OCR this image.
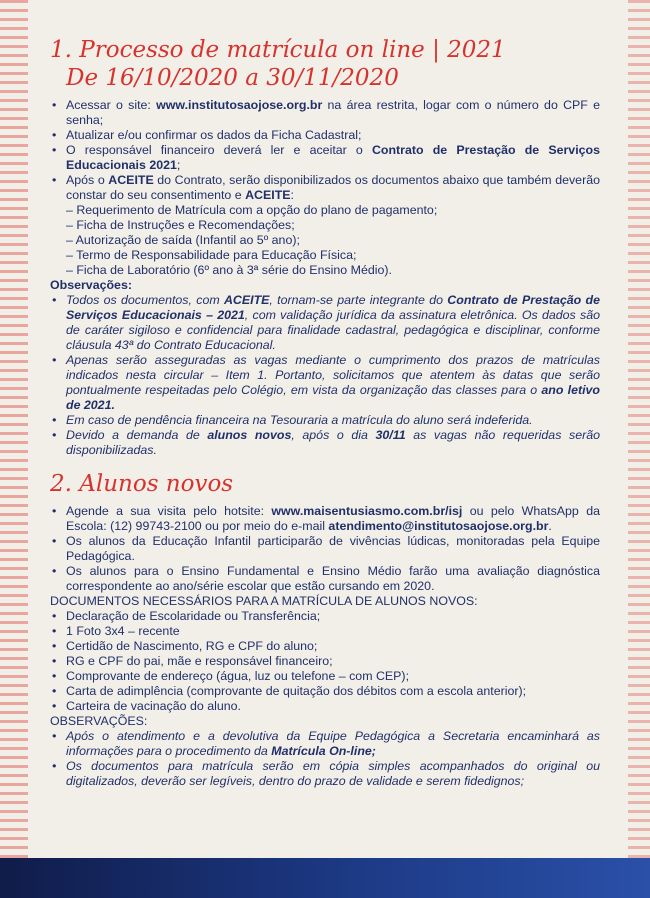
1. Processo de matrícula on line | 2021
De 16/10/2020 a 30/11/2020
• Acessar o site: www.institutosaojose.org.br na área restrita, logar com o número do CPF e senha;
• Atualizar e/ou confirmar os dados da Ficha Cadastral;
• O responsável financeiro deverá ler e aceitar o Contrato de Prestação de Serviços Educacionais 2021;
• Após o ACEITE do Contrato, serão disponibilizados os documentos abaixo que também deverão constar do seu consentimento e ACEITE:
– Requerimento de Matrícula com a opção do plano de pagamento;
– Ficha de Instruções e Recomendações;
– Autorização de saída (Infantil ao 5º ano);
– Termo de Responsabilidade para Educação Física;
– Ficha de Laboratório (6º ano à 3ª série do Ensino Médio).
Observações:
• Todos os documentos, com ACEITE, tornam-se parte integrante do Contrato de Prestação de Serviços Educacionais – 2021, com validação jurídica da assinatura eletrônica. Os dados são de caráter sigiloso e confidencial para finalidade cadastral, pedagógica e disciplinar, conforme cláusula 43ª do Contrato Educacional.
• Apenas serão asseguradas as vagas mediante o cumprimento dos prazos de matrículas indicados nesta circular – Item 1. Portanto, solicitamos que atentem às datas que serão pontualmente respeitadas pelo Colégio, em vista da organização das classes para o ano letivo de 2021.
• Em caso de pendência financeira na Tesouraria a matrícula do aluno será indeferida.
• Devido a demanda de alunos novos, após o dia 30/11 as vagas não requeridas serão disponibilizadas.
2. Alunos novos
• Agende a sua visita pelo hotsite: www.maisentusiasmo.com.br/isj ou pelo WhatsApp da Escola: (12) 99743-2100 ou por meio do e-mail atendimento@institutosaojose.org.br.
• Os alunos da Educação Infantil participarão de vivências lúdicas, monitoradas pela Equipe Pedagógica.
• Os alunos para o Ensino Fundamental e Ensino Médio farão uma avaliação diagnóstica correspondente ao ano/série escolar que estão cursando em 2020.
DOCUMENTOS NECESSÁRIOS PARA A MATRÍCULA DE ALUNOS NOVOS:
• Declaração de Escolaridade ou Transferência;
• 1 Foto 3x4 – recente
• Certidão de Nascimento, RG e CPF do aluno;
• RG e CPF do pai, mãe e responsável financeiro;
• Comprovante de endereço (água, luz ou telefone – com CEP);
• Carta de adimplência (comprovante de quitação dos débitos com a escola anterior);
• Carteira de vacinação do aluno.
OBSERVAÇÕES:
• Após o atendimento e a devolutiva da Equipe Pedagógica a Secretaria encaminhará as informações para o procedimento da Matrícula On-line;
• Os documentos para matrícula serão em cópia simples acompanhados do original ou digitalizados, deverão ser legíveis, dentro do prazo de validade e serem fidedignos;
